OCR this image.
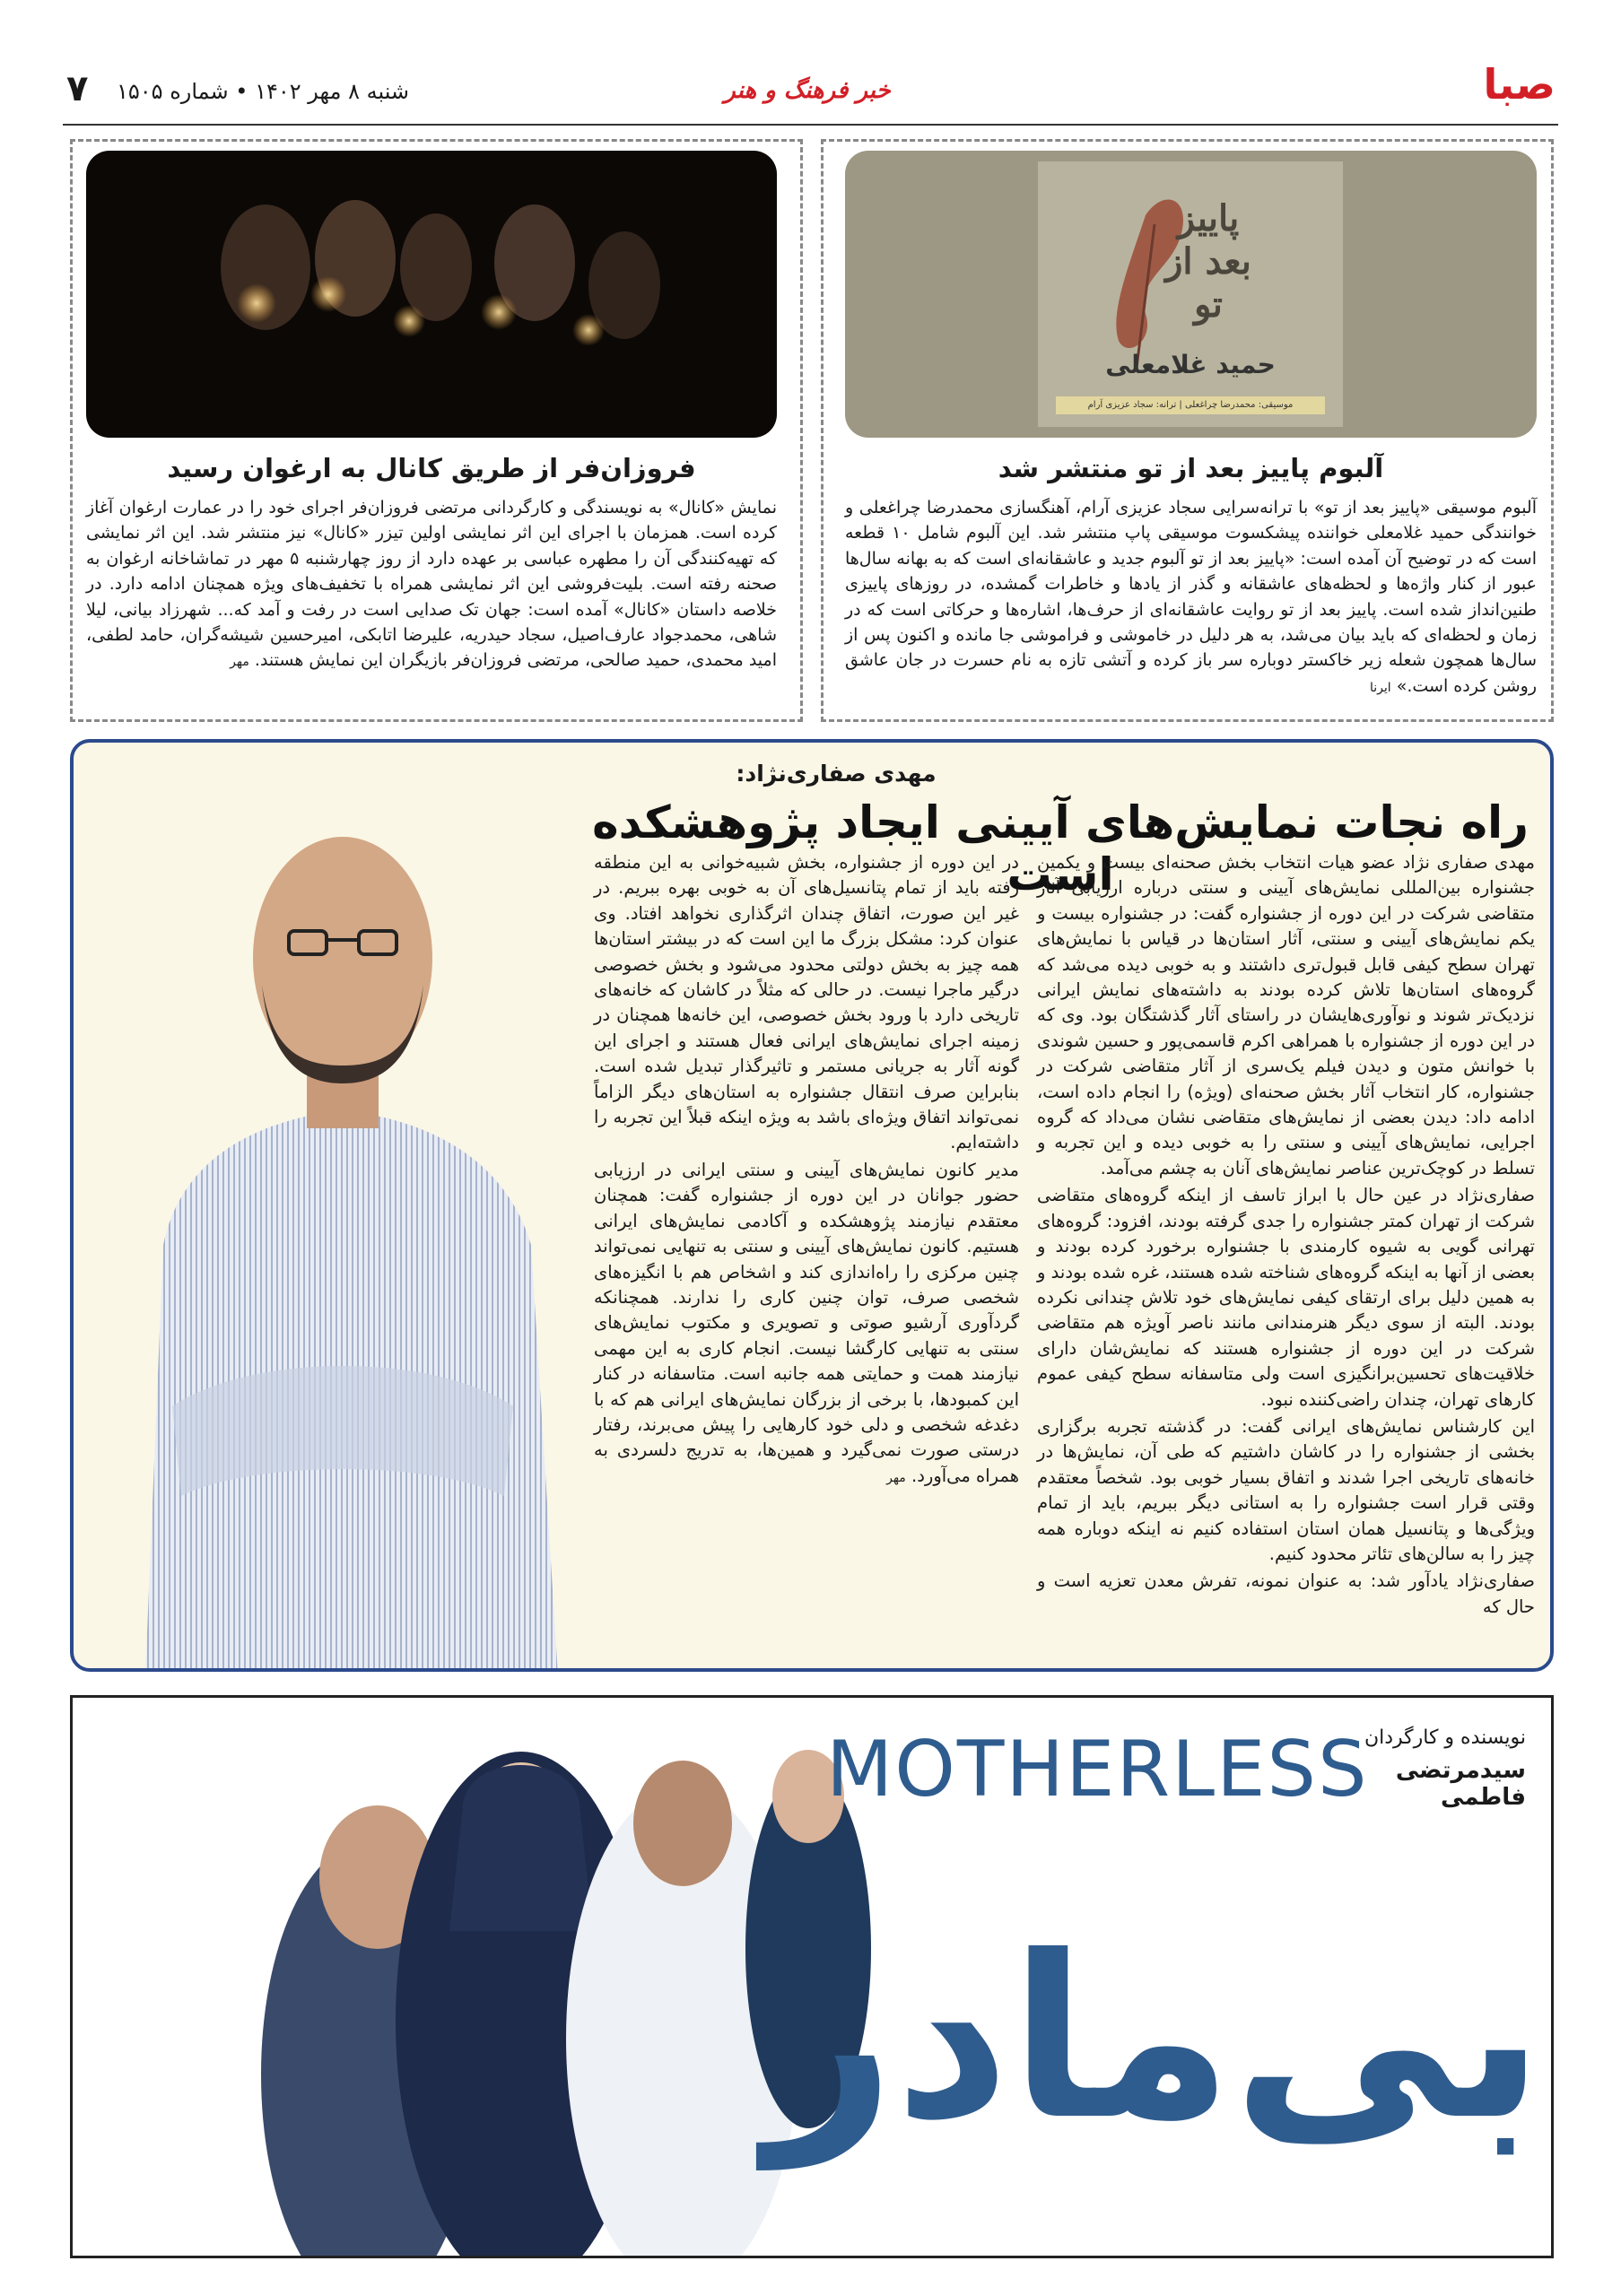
۷ شنبه ۸ مهر ۱۴۰۲ • شماره ۱۵۰۵	خبر فرهنگ و هنر	صبا
پاییز
بعد از
تو
حمید غلامعلی
موسیقی: محمدرضا چراغعلی | ترانه: سجاد عزیزی آرام
آلبوم پاییز بعد از تو منتشر شد
آلبوم موسیقی «پاییز بعد از تو» با ترانه‌سرایی سجاد عزیزی آرام، آهنگسازی محمدرضا چراغعلی و خوانندگی حمید غلامعلی خواننده پیشکسوت موسیقی پاپ منتشر شد. این آلبوم شامل ۱۰ قطعه است که در توضیح آن آمده است: «پاییز بعد از تو آلبوم جدید و عاشقانه‌ای است که به بهانه سال‌ها عبور از کنار واژه‌ها و لحظه‌های عاشقانه و گذر از یادها و خاطرات گمشده، در روزهای پاییزی طنین‌انداز شده است. پاییز بعد از تو روایت عاشقانه‌ای از حرف‌ها، اشاره‌ها و حرکاتی است که در زمان و لحظه‌ای که باید بیان می‌شد، به هر دلیل در خاموشی و فراموشی جا مانده و اکنون پس از سال‌ها همچون شعله زیر خاکستر دوباره سر باز کرده و آتشی تازه به نام حسرت در جان عاشق روشن کرده است.» ایرنا
فروزان‌فر از طریق کانال به ارغوان رسید
نمایش «کانال» به نویسندگی و کارگردانی مرتضی فروزان‌فر اجرای خود را در عمارت ارغوان آغاز کرده است. همزمان با اجرای این اثر نمایشی اولین تیزر «کانال» نیز منتشر شد. این اثر نمایشی که تهیه‌کنندگی آن را مطهره عباسی بر عهده دارد از روز چهارشنبه ۵ مهر در تماشاخانه ارغوان به صحنه رفته است. بلیت‌فروشی این اثر نمایشی همراه با تخفیف‌های ویژه همچنان ادامه دارد. در خلاصه داستان «کانال» آمده است: جهان تک صدایی است در رفت و آمد که... شهرزاد بیانی، لیلا شاهی، محمدجواد عارف‌اصیل، سجاد حیدریه، علیرضا اتابکی، امیرحسین شیشه‌گران، حامد لطفی، امید محمدی، حمید صالحی، مرتضی فروزان‌فر بازیگران این نمایش هستند. مهر
مهدی صفاری‌نژاد:
راه نجات نمایش‌های آیینی ایجاد پژوهشکده است

در این دوره از جشنواره، بخش شبیه‌خوانی به این منطقه رفته باید از تمام پتانسیل‌های آن به خوبی بهره ببریم. در غیر این صورت، اتفاق چندان اثرگذاری نخواهد افتاد. وی عنوان کرد: مشکل بزرگ ما این است که در بیشتر استان‌ها همه چیز به بخش دولتی محدود می‌شود و بخش خصوصی درگیر ماجرا نیست. در حالی که مثلاً در کاشان که خانه‌های تاریخی دارد با ورود بخش خصوصی، این خانه‌ها همچنان در زمینه اجرای نمایش‌های ایرانی فعال هستند و اجرای این گونه آثار به جریانی مستمر و تاثیرگذار تبدیل شده است. بنابراین صرف انتقال جشنواره به استان‌های دیگر الزاماً نمی‌تواند اتفاق ویژه‌ای باشد به ویژه اینکه قبلاً این تجربه را داشته‌ایم.

مدیر کانون نمایش‌های آیینی و سنتی ایرانی در ارزیابی حضور جوانان در این دوره از جشنواره گفت: همچنان معتقدم نیازمند پژوهشکده و آکادمی نمایش‌های ایرانی هستیم. کانون نمایش‌های آیینی و سنتی به تنهایی نمی‌تواند چنین مرکزی را راه‌اندازی کند و اشخاص هم با انگیزه‌های شخصی صرف، توان چنین کاری را ندارند. همچنانکه گردآوری آرشیو صوتی و تصویری و مکتوب نمایش‌های سنتی به تنهایی کارگشا نیست. انجام کاری به این مهمی نیازمند همت و حمایتی همه جانبه است. متاسفانه در کنار این کمبودها، با برخی از بزرگان نمایش‌های ایرانی هم که با دغدغه شخصی و دلی خود کارهایی را پیش می‌برند، رفتار درستی صورت نمی‌گیرد و همین‌ها، به تدریج دلسردی به همراه می‌آورد. مهر

مهدی صفاری نژاد عضو هیات انتخاب بخش صحنه‌ای بیست و یکمین جشنواره بین‌المللی نمایش‌های آیینی و سنتی درباره ارزیابی آثار متقاضی شرکت در این دوره از جشنواره گفت: در جشنواره بیست و یکم نمایش‌های آیینی و سنتی، آثار استان‌ها در قیاس با نمایش‌های تهران سطح کیفی قابل قبول‌تری داشتند و به خوبی دیده می‌شد که گروه‌های استان‌ها تلاش کرده بودند به داشته‌های نمایش ایرانی نزدیک‌تر شوند و نوآوری‌هایشان در راستای آثار گذشتگان بود. وی که در این دوره از جشنواره با همراهی اکرم قاسمی‌پور و حسین شوندی با خوانش متون و دیدن فیلم یک‌سری از آثار متقاضی شرکت در جشنواره، کار انتخاب آثار بخش صحنه‌ای (ویژه) را انجام داده است، ادامه داد: دیدن بعضی از نمایش‌های متقاضی نشان می‌داد که گروه اجرایی، نمایش‌های آیینی و سنتی را به خوبی دیده و این تجربه و تسلط در کوچک‌ترین عناصر نمایش‌های آنان به چشم می‌آمد.

صفاری‌نژاد در عین حال با ابراز تاسف از اینکه گروه‌های متقاضی شرکت از تهران کمتر جشنواره را جدی گرفته بودند، افزود: گروه‌های تهرانی گویی به شیوه کارمندی با جشنواره برخورد کرده بودند و بعضی از آنها به اینکه گروه‌های شناخته شده هستند، غره شده بودند و به همین دلیل برای ارتقای کیفی نمایش‌های خود تلاش چندانی نکرده بودند. البته از سوی دیگر هنرمندانی مانند ناصر آویژه هم متقاضی شرکت در این دوره از جشنواره هستند که نمایش‌شان دارای خلاقیت‌های تحسین‌برانگیزی است ولی متاسفانه سطح کیفی عموم کارهای تهران، چندان راضی‌کننده نبود.

این کارشناس نمایش‌های ایرانی گفت: در گذشته تجربه برگزاری بخشی از جشنواره را در کاشان داشتیم که طی آن، نمایش‌ها در خانه‌های تاریخی اجرا شدند و اتفاق بسیار خوبی بود. شخصاً معتقدم وقتی قرار است جشنواره را به استانی دیگر ببریم، باید از تمام ویژگی‌ها و پتانسیل همان استان استفاده کنیم نه اینکه دوباره همه چیز را به سالن‌های تئاتر محدود کنیم.

صفاری‌نژاد یادآور شد: به عنوان نمونه، تفرش معدن تعزیه است و حال که

MOTHERLESS
نویسنده و کارگردان
سیدمرتضی فاطمی
بی‌مادر
